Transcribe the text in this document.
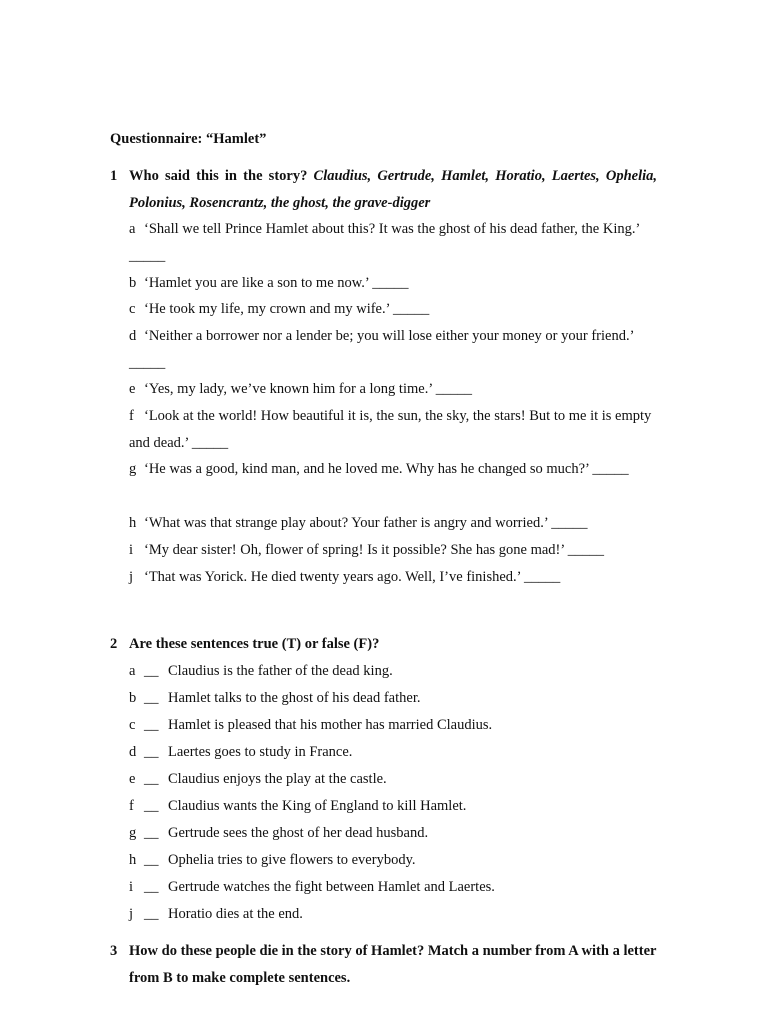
Questionnaire: “Hamlet”
1 Who said this in the story? Claudius, Gertrude, Hamlet, Horatio, Laertes, Ophelia, Polonius, Rosencrantz, the ghost, the grave-digger
a ‘Shall we tell Prince Hamlet about this? It was the ghost of his dead father, the King.’ _____
b ‘Hamlet you are like a son to me now.’ _____
c ‘He took my life, my crown and my wife.’ _____
d ‘Neither a borrower nor a lender be; you will lose either your money or your friend.’ _____
e ‘Yes, my lady, we’ve known him for a long time.’ _____
f ‘Look at the world! How beautiful it is, the sun, the sky, the stars! But to me it is empty and dead.’ _____
g ‘He was a good, kind man, and he loved me. Why has he changed so much?’ _____
h ‘What was that strange play about? Your father is angry and worried.’ _____
i ‘My dear sister! Oh, flower of spring! Is it possible? She has gone mad!’ _____
j ‘That was Yorick. He died twenty years ago. Well, I’ve finished.’ _____
2 Are these sentences true (T) or false (F)?
a __ Claudius is the father of the dead king.
b __ Hamlet talks to the ghost of his dead father.
c __ Hamlet is pleased that his mother has married Claudius.
d __ Laertes goes to study in France.
e __ Claudius enjoys the play at the castle.
f __ Claudius wants the King of England to kill Hamlet.
g __ Gertrude sees the ghost of her dead husband.
h __ Ophelia tries to give flowers to everybody.
i __ Gertrude watches the fight between Hamlet and Laertes.
j __ Horatio dies at the end.
3 How do these people die in the story of Hamlet? Match a number from A with a letter from B to make complete sentences.
